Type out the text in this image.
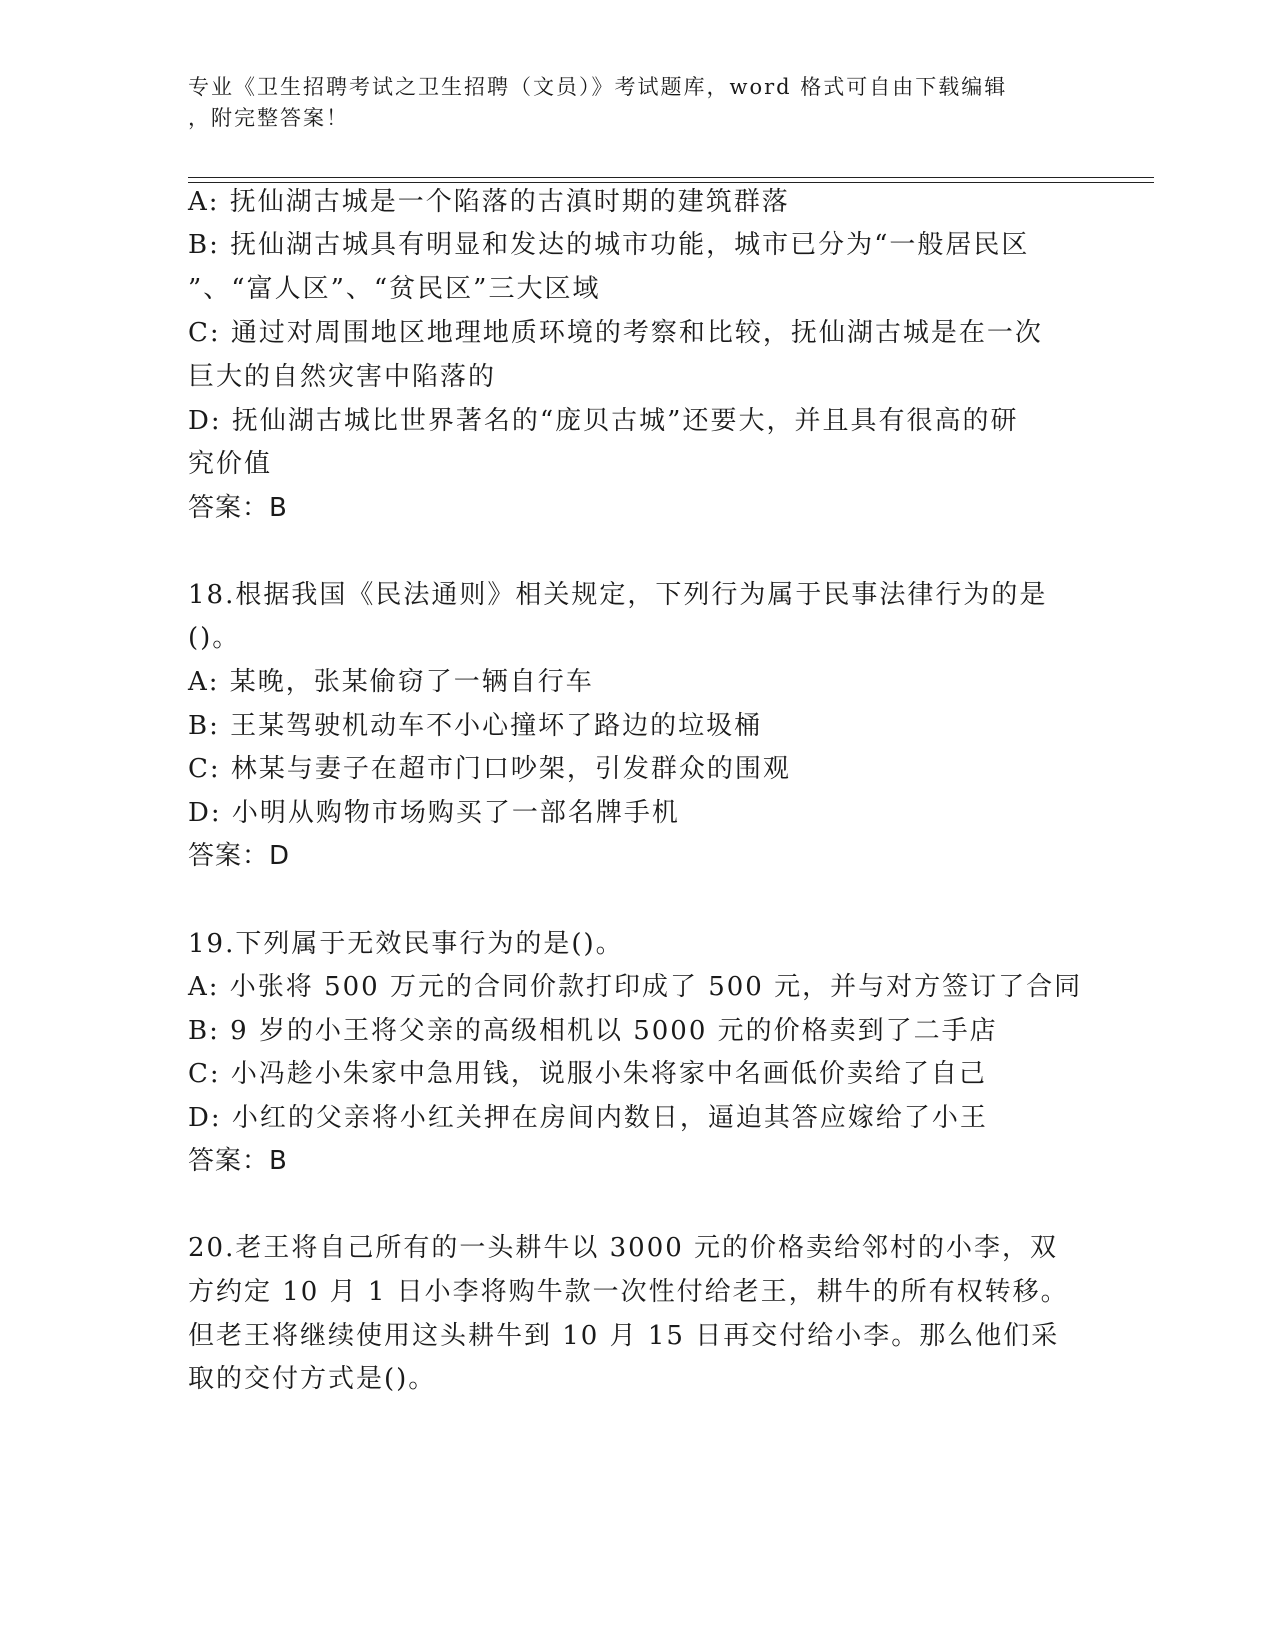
专业《卫生招聘考试之卫生招聘（文员）》考试题库，word 格式可自由下载编辑
，附完整答案！
A: 抚仙湖古城是一个陷落的古滇时期的建筑群落
B: 抚仙湖古城具有明显和发达的城市功能，城市已分为“一般居民区
”、“富人区”、“贫民区”三大区域
C: 通过对周围地区地理地质环境的考察和比较，抚仙湖古城是在一次
巨大的自然灾害中陷落的
D: 抚仙湖古城比世界著名的“庞贝古城”还要大，并且具有很高的研
究价值
答案：B
18.根据我国《民法通则》相关规定，下列行为属于民事法律行为的是
()。
A: 某晚，张某偷窃了一辆自行车
B: 王某驾驶机动车不小心撞坏了路边的垃圾桶
C: 林某与妻子在超市门口吵架，引发群众的围观
D: 小明从购物市场购买了一部名牌手机
答案：D
19.下列属于无效民事行为的是()。
A: 小张将 500 万元的合同价款打印成了 500 元，并与对方签订了合同
B: 9 岁的小王将父亲的高级相机以 5000 元的价格卖到了二手店
C: 小冯趁小朱家中急用钱，说服小朱将家中名画低价卖给了自己
D: 小红的父亲将小红关押在房间内数日，逼迫其答应嫁给了小王
答案：B
20.老王将自己所有的一头耕牛以 3000 元的价格卖给邻村的小李，双
方约定 10 月 1 日小李将购牛款一次性付给老王，耕牛的所有权转移。
但老王将继续使用这头耕牛到 10 月 15 日再交付给小李。那么他们采
取的交付方式是()。
